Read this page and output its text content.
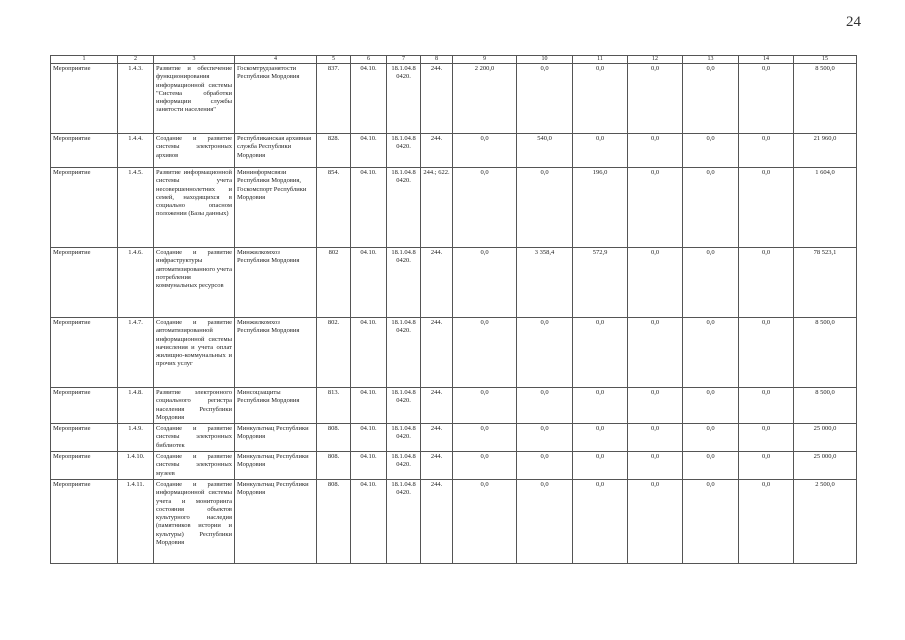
24
1	2	3	4	5	6	7	8	9	10	11	12	13	14	15
Мероприятие	1.4.3.	Развитие и обеспечение функционирования информационной системы "Система обработки информации службы занятости населения"	Госкомтрудзанятости Республики Мордовия	837.	04.10.	18.1.04.8 0420.	244.	2 200,0	0,0	0,0	0,0	0,0	0,0	8 500,0
Мероприятие	1.4.4.	Создание и развитие системы электронных архивов	Республиканская архивная служба Республики Мордовия	828.	04.10.	18.1.04.8 0420.	244.	0,0	540,0	0,0	0,0	0,0	0,0	21 960,0
Мероприятие	1.4.5.	Развитие информационной системы учета несовершеннолетних и семей, находящихся в социально опасном положении (Базы данных)	Мининформсвязи Республики Мордовия, Госкомспорт Республики Мордовия	854.	04.10.	18.1.04.8 0420.	244.; 622.	0,0	0,0	196,0	0,0	0,0	0,0	1 604,0
Мероприятие	1.4.6.	Создание и развитие инфраструктуры автоматизированного учета потребления коммунальных ресурсов	Минжилкомхоз Республики Мордовия	802	04.10.	18.1.04.8 0420.	244.	0,0	3 358,4	572,9	0,0	0,0	0,0	78 523,1
Мероприятие	1.4.7.	Создание и развитие автоматизированной информационной системы начисления и учета оплат жилищно-коммунальных и прочих услуг	Минжилкомхоз Республики Мордовия	802.	04.10.	18.1.04.8 0420.	244.	0,0	0,0	0,0	0,0	0,0	0,0	8 500,0
Мероприятие	1.4.8.	Развитие электронного социального регистра населения Республики Мордовия	Минсоцзащиты Республики Мордовия	813.	04.10.	18.1.04.8 0420.	244.	0,0	0,0	0,0	0,0	0,0	0,0	8 500,0
Мероприятие	1.4.9.	Создание и развитие системы электронных библиотек	Минкультнац Республики Мордовия	808.	04.10.	18.1.04.8 0420.	244.	0,0	0,0	0,0	0,0	0,0	0,0	25 000,0
Мероприятие	1.4.10.	Создание и развитие системы электронных музеев	Минкультнац Республики Мордовия	808.	04.10.	18.1.04.8 0420.	244.	0,0	0,0	0,0	0,0	0,0	0,0	25 000,0
Мероприятие	1.4.11.	Создание и развитие информационной системы учета и мониторинга состояния объектов культурного наследия (памятников истории и культуры) Республики Мордовия	Минкультнац Республики Мордовия	808.	04.10.	18.1.04.8 0420.	244.	0,0	0,0	0,0	0,0	0,0	0,0	2 500,0
